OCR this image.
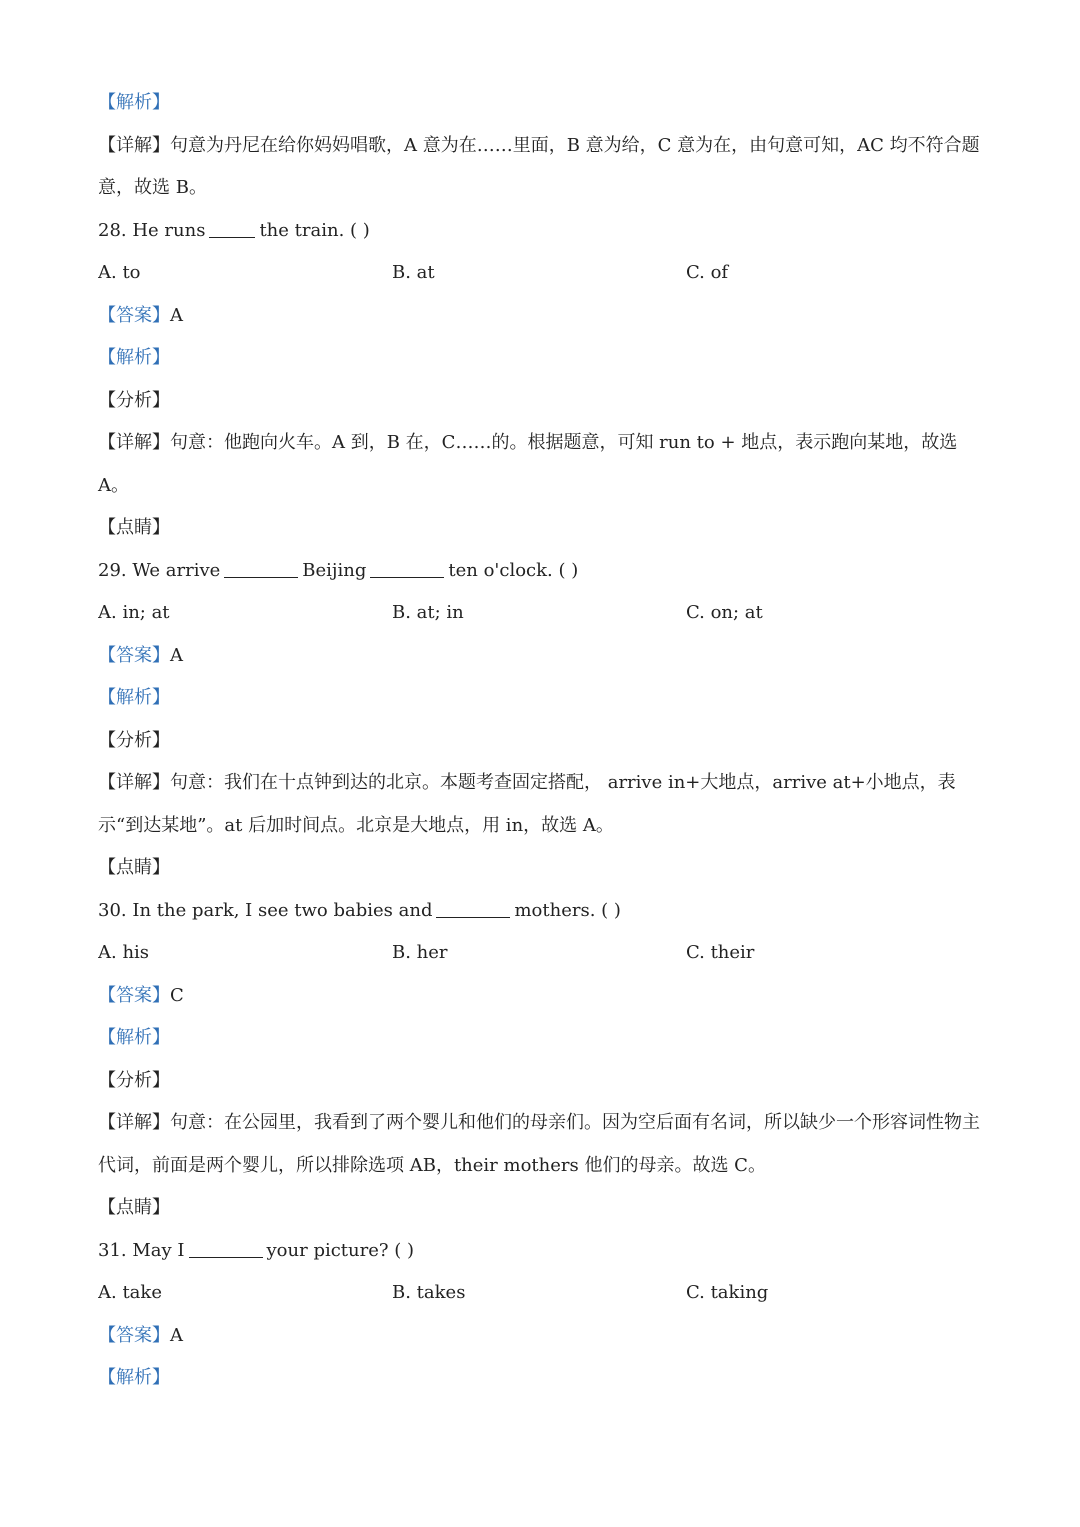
【解析】
【详解】句意为丹尼在给你妈妈唱歌，A 意为在……里面，B 意为给，C 意为在，由句意可知，AC 均不符合题意，故选 B。
28. He runs	the train. ( )
A. to	B. at	C. of
【答案】A
【解析】
【分析】
【详解】句意：他跑向火车。A 到，B 在，C……的。根据题意，可知 run to + 地点，表示跑向某地，故选 A。
【点睛】
29. We arrive	Beijing	ten o'clock. ( )
A. in; at	B. at; in	C. on; at
【答案】A
【解析】
【分析】
【详解】句意：我们在十点钟到达的北京。本题考查固定搭配， arrive in+大地点，arrive at+小地点，表示“到达某地”。at 后加时间点。北京是大地点，用 in，故选 A。
【点睛】
30. In the park, I see two babies and	mothers. ( )
A. his	B. her	C. their
【答案】C
【解析】
【分析】
【详解】句意：在公园里，我看到了两个婴儿和他们的母亲们。因为空后面有名词，所以缺少一个形容词性物主代词，前面是两个婴儿，所以排除选项 AB，their mothers 他们的母亲。故选 C。
【点睛】
31. May I	your picture? ( )
A. take	B. takes	C. taking
【答案】A
【解析】
